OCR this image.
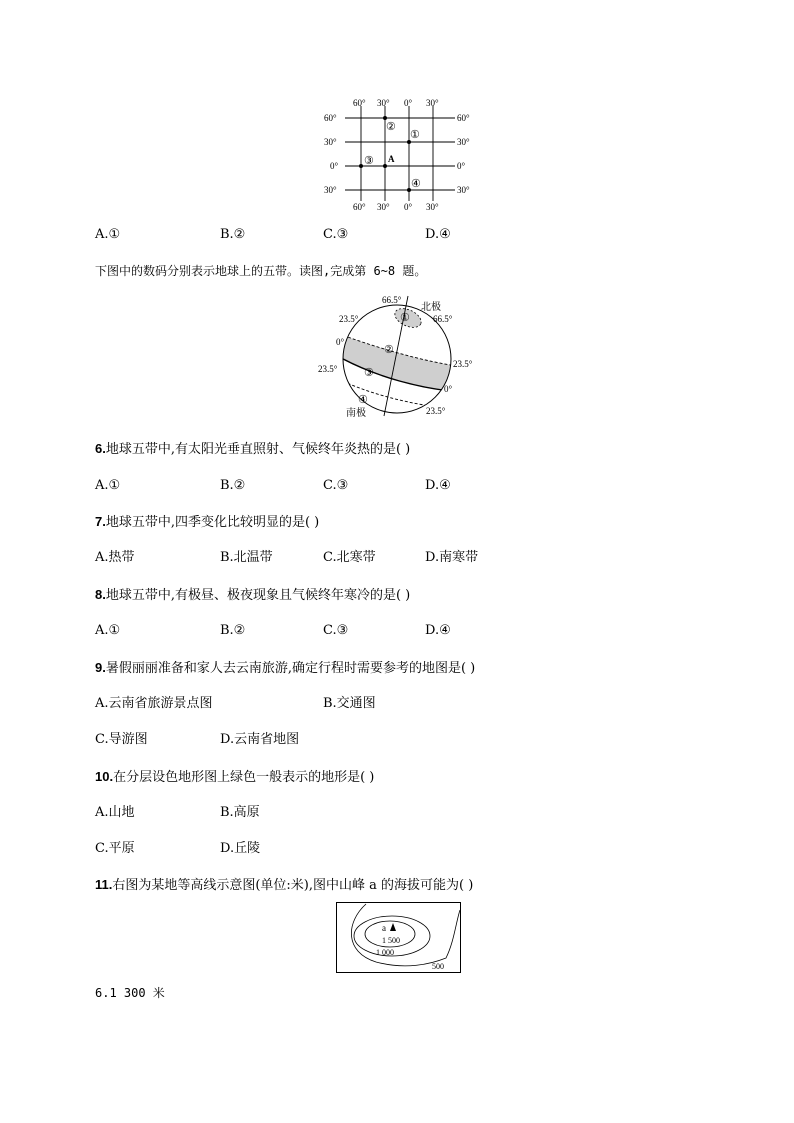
60° 30° 0° 30°
60° 30° 0° 30°
60°
30°
0°
30°
60°
30°
0°
30°
①
②
③
④
A
A.①	B.②	C.③	D.④
下图中的数码分别表示地球上的五带。读图,完成第 6~8 题。
66.5°
北极
66.5°
23.5°
23.5°
0°
0°
23.5°
23.5°
南极
①
②
③
④
6.地球五带中,有太阳光垂直照射、气候终年炎热的是( )
A.①	B.②	C.③	D.④
7.地球五带中,四季变化比较明显的是( )
A.热带	B.北温带	C.北寒带	D.南寒带
8.地球五带中,有极昼、极夜现象且气候终年寒冷的是( )
A.①	B.②	C.③	D.④
9.暑假丽丽准备和家人去云南旅游,确定行程时需要参考的地图是( )
A.云南省旅游景点图	B.交通图
C.导游图	D.云南省地图
10.在分层设色地形图上绿色一般表示的地形是( )
A.山地	B.高原
C.平原	D.丘陵
11.右图为某地等高线示意图(单位:米),图中山峰 a 的海拔可能为( )
a
1 500
1 000
500
6.1 300 米
